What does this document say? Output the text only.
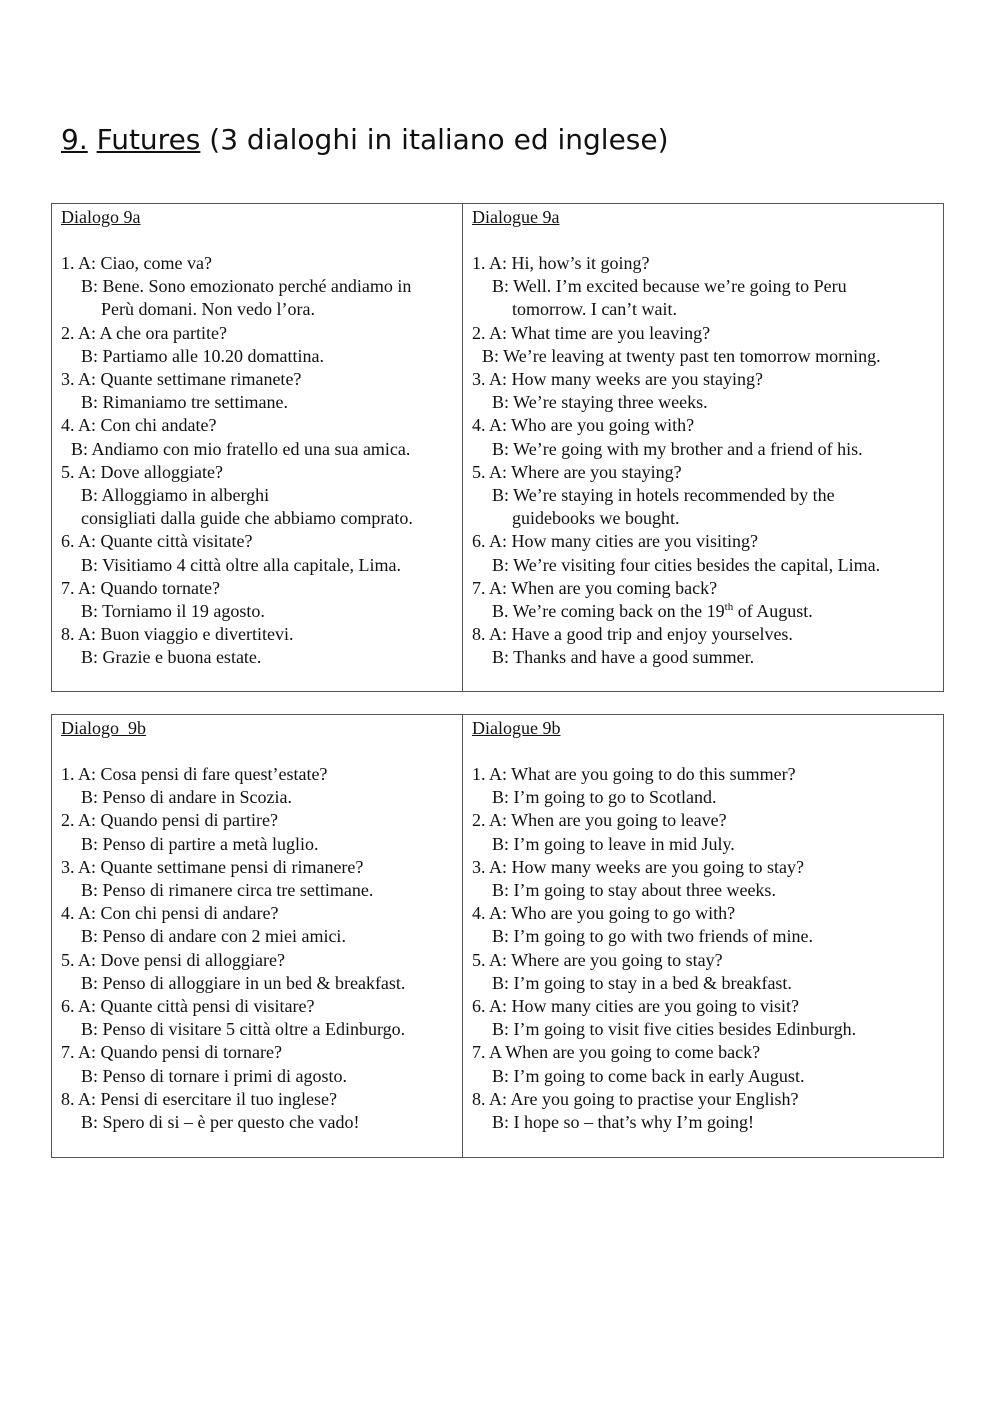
9. Futures (3 dialoghi in italiano ed inglese)
Dialogo 9a
1. A: Ciao, come va?
B: Bene. Sono emozionato perché andiamo in
Perù domani. Non vedo l’ora.
2. A: A che ora partite?
B: Partiamo alle 10.20 domattina.
3. A: Quante settimane rimanete?
B: Rimaniamo tre settimane.
4. A: Con chi andate?
B: Andiamo con mio fratello ed una sua amica.
5. A: Dove alloggiate?
B: Alloggiamo in alberghi
consigliati dalla guide che abbiamo comprato.
6. A: Quante città visitate?
B: Visitiamo 4 città oltre alla capitale, Lima.
7. A: Quando tornate?
B: Torniamo il 19 agosto.
8. A: Buon viaggio e divertitevi.
B: Grazie e buona estate.

Dialogue 9a
1. A: Hi, how’s it going?
B: Well. I’m excited because we’re going to Peru
tomorrow. I can’t wait.
2. A: What time are you leaving?
B: We’re leaving at twenty past ten tomorrow morning.
3. A: How many weeks are you staying?
B: We’re staying three weeks.
4. A: Who are you going with?
B: We’re going with my brother and a friend of his.
5. A: Where are you staying?
B: We’re staying in hotels recommended by the
guidebooks we bought.
6. A: How many cities are you visiting?
B: We’re visiting four cities besides the capital, Lima.
7. A: When are you coming back?
B. We’re coming back on the 19th of August.
8. A: Have a good trip and enjoy yourselves.
B: Thanks and have a good summer.
Dialogo  9b
1. A: Cosa pensi di fare quest’estate?
B: Penso di andare in Scozia.
2. A: Quando pensi di partire?
B: Penso di partire a metà luglio.
3. A: Quante settimane pensi di rimanere?
B: Penso di rimanere circa tre settimane.
4. A: Con chi pensi di andare?
B: Penso di andare con 2 miei amici.
5. A: Dove pensi di alloggiare?
B: Penso di alloggiare in un bed & breakfast.
6. A: Quante città pensi di visitare?
B: Penso di visitare 5 città oltre a Edinburgo.
7. A: Quando pensi di tornare?
B: Penso di tornare i primi di agosto.
8. A: Pensi di esercitare il tuo inglese?
B: Spero di si – è per questo che vado!

Dialogue 9b
1. A: What are you going to do this summer?
B: I’m going to go to Scotland.
2. A: When are you going to leave?
B: I’m going to leave in mid July.
3. A: How many weeks are you going to stay?
B: I’m going to stay about three weeks.
4. A: Who are you going to go with?
B: I’m going to go with two friends of mine.
5. A: Where are you going to stay?
B: I’m going to stay in a bed & breakfast.
6. A: How many cities are you going to visit?
B: I’m going to visit five cities besides Edinburgh.
7. A When are you going to come back?
B: I’m going to come back in early August.
8. A: Are you going to practise your English?
B: I hope so – that’s why I’m going!
